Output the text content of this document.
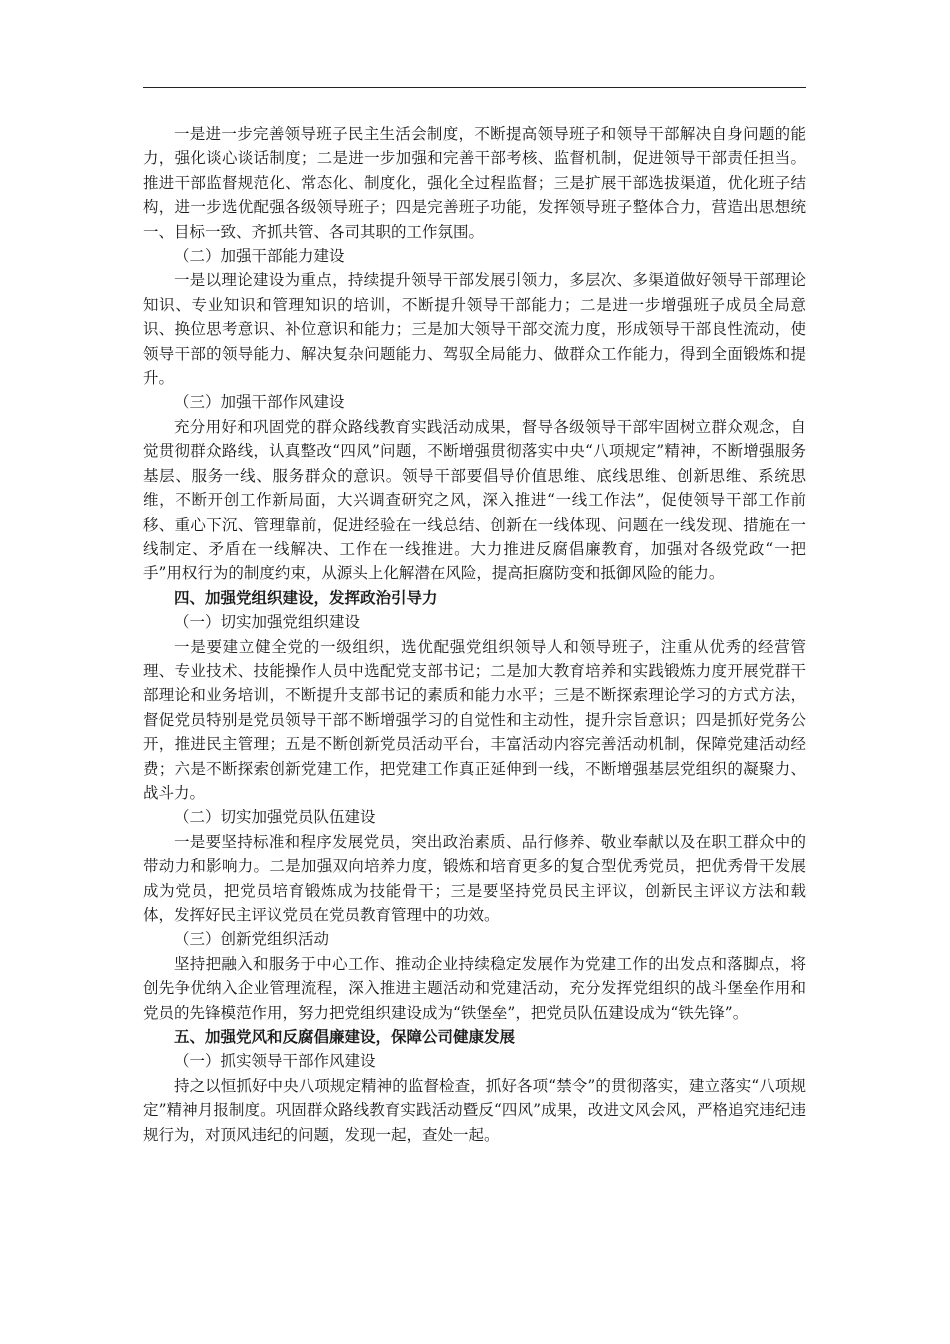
一是进一步完善领导班子民主生活会制度，不断提高领导班子和领导干部解决自身问题的能力，强化谈心谈话制度；二是进一步加强和完善干部考核、监督机制，促进领导干部责任担当。推进干部监督规范化、常态化、制度化，强化全过程监督；三是扩展干部选拔渠道，优化班子结构，进一步选优配强各级领导班子；四是完善班子功能，发挥领导班子整体合力，营造出思想统一、目标一致、齐抓共管、各司其职的工作氛围。

（二）加强干部能力建设

一是以理论建设为重点，持续提升领导干部发展引领力，多层次、多渠道做好领导干部理论知识、专业知识和管理知识的培训，不断提升领导干部能力；二是进一步增强班子成员全局意识、换位思考意识、补位意识和能力；三是加大领导干部交流力度，形成领导干部良性流动，使领导干部的领导能力、解决复杂问题能力、驾驭全局能力、做群众工作能力，得到全面锻炼和提升。

（三）加强干部作风建设

充分用好和巩固党的群众路线教育实践活动成果，督导各级领导干部牢固树立群众观念，自觉贯彻群众路线，认真整改“四风”问题，不断增强贯彻落实中央“八项规定”精神，不断增强服务基层、服务一线、服务群众的意识。领导干部要倡导价值思维、底线思维、创新思维、系统思维，不断开创工作新局面，大兴调查研究之风，深入推进“一线工作法”，促使领导干部工作前移、重心下沉、管理靠前，促进经验在一线总结、创新在一线体现、问题在一线发现、措施在一线制定、矛盾在一线解决、工作在一线推进。大力推进反腐倡廉教育，加强对各级党政“一把手”用权行为的制度约束，从源头上化解潜在风险，提高拒腐防变和抵御风险的能力。

四、加强党组织建设，发挥政治引导力

（一）切实加强党组织建设

一是要建立健全党的一级组织，选优配强党组织领导人和领导班子，注重从优秀的经营管理、专业技术、技能操作人员中选配党支部书记；二是加大教育培养和实践锻炼力度开展党群干部理论和业务培训，不断提升支部书记的素质和能力水平；三是不断探索理论学习的方式方法，督促党员特别是党员领导干部不断增强学习的自觉性和主动性，提升宗旨意识；四是抓好党务公开，推进民主管理；五是不断创新党员活动平台，丰富活动内容完善活动机制，保障党建活动经费；六是不断探索创新党建工作，把党建工作真正延伸到一线，不断增强基层党组织的凝聚力、战斗力。

（二）切实加强党员队伍建设

一是要坚持标准和程序发展党员，突出政治素质、品行修养、敬业奉献以及在职工群众中的带动力和影响力。二是加强双向培养力度，锻炼和培育更多的复合型优秀党员，把优秀骨干发展成为党员，把党员培育锻炼成为技能骨干；三是要坚持党员民主评议，创新民主评议方法和载体，发挥好民主评议党员在党员教育管理中的功效。

（三）创新党组织活动

坚持把融入和服务于中心工作、推动企业持续稳定发展作为党建工作的出发点和落脚点，将创先争优纳入企业管理流程，深入推进主题活动和党建活动，充分发挥党组织的战斗堡垒作用和党员的先锋模范作用，努力把党组织建设成为“铁堡垒”，把党员队伍建设成为“铁先锋”。

五、加强党风和反腐倡廉建设，保障公司健康发展

（一）抓实领导干部作风建设

持之以恒抓好中央八项规定精神的监督检查，抓好各项“禁令”的贯彻落实，建立落实“八项规定”精神月报制度。巩固群众路线教育实践活动暨反“四风”成果，改进文风会风，严格追究违纪违规行为，对顶风违纪的问题，发现一起，查处一起。
